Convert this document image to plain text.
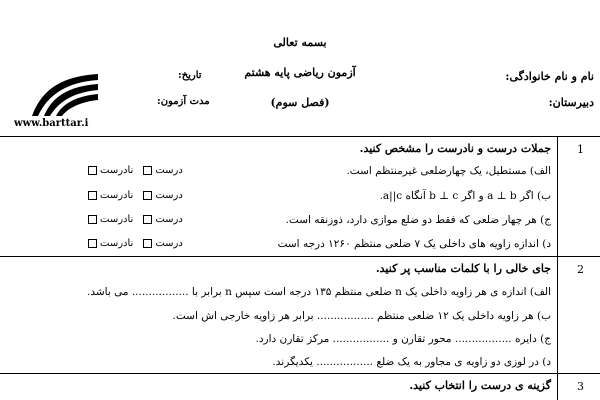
بسمه تعالی
آزمون ریاضی پایه هشتم
(فصل سوم)
نام و نام خانوادگی:
دبیرستان:
تاریخ:
مدت آزمون:
www.barttar.i
1
جملات درست و نادرست را مشخص کنید.
الف) مستطیل، یک چهارضلعی غیرمنتظم است.
نادرست درست
ب) اگر a ⊥ b و اگر b ⊥ c آنگاه a||c.
نادرست درست
ج) هر چهار ضلعی که فقط دو ضلع موازی دارد، ذوزنقه است.
نادرست درست
د) اندازه زاویه های داخلی یک ۷ ضلعی منتظم ۱۲۶۰ درجه است
نادرست درست
2
جای خالی را با کلمات مناسب پر کنید.
الف) اندازه ی هر زاویه داخلی یک n ضلعی منتظم ۱۳۵ درجه است سپس n برابر با ................. می باشد.
ب) هر زاویه داخلی یک ۱۲ ضلعی منتظم ................. برابر هر زاویه خارجی اش است.
ج) دایره ................. محور تقارن و ................. مرکز تقارن دارد.
د) در لوزی دو زاویه ی مجاور به یک ضلع ................. یکدیگرند.
3
گزینه ی درست را انتخاب کنید.
